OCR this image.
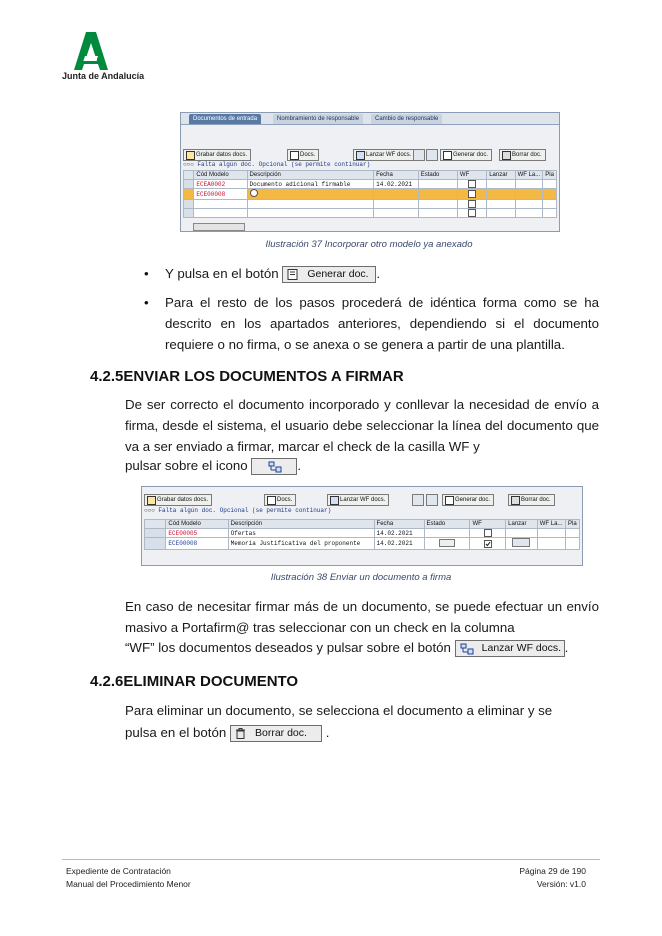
Junta de Andalucía
Documentos de entrada	Nombramiento de responsable	Cambio de responsable
Grabar datos docs.	Docs.	Lanzar WF docs.	Generar doc.	Borrar doc.
○○○ Falta algún doc. Opcional (se permite continuar)
	Cód Modelo	Descripción	Fecha	Estado	WF	Lanzar	WF La...	Pla
	ECEA0002	Documento adicional firmable	14.02.2021					
	ECE00008							

Ilustración 37 Incorporar otro modelo ya anexado
• Y pulsa en el botón	Generar doc. .
• Para el resto de los pasos procederá de idéntica forma como se ha descrito en los apartados anteriores, dependiendo si el documento requiere o no firma, o se anexa o se genera a partir de una plantilla.
4.2.5ENVIAR LOS DOCUMENTOS A FIRMAR
De ser correcto el documento incorporado y conllevar la necesidad de envío a firma, desde el sistema, el usuario debe seleccionar la línea del documento que va a ser enviado a firmar, marcar el check de la casilla WF y
pulsar sobre el icono	.
Grabar datos docs.	Docs.	Lanzar WF docs.	Generar doc.	Borrar doc.
○○○ Falta algún doc. Opcional (se permite continuar)
	Cód Modelo	Descripción	Fecha	Estado	WF	Lanzar	WF La...	Pla
	ECE00005	Ofertas	14.02.2021					
	ECE00008	Memoria Justificativa del proponente	14.02.2021		

Ilustración 38 Enviar un documento a firma
En caso de necesitar firmar más de un documento, se puede efectuar un envío masivo a Portafirm@ tras seleccionar con un check en la columna
“WF” los documentos deseados y pulsar sobre el botón	Lanzar WF docs. .
4.2.6ELIMINAR DOCUMENTO
Para eliminar un documento, se selecciona el documento a eliminar y se
pulsa en el botón	Borrar doc. .
Expediente de Contratación
Manual del Procedimiento Menor
Página 29 de 190
Versión: v1.0
